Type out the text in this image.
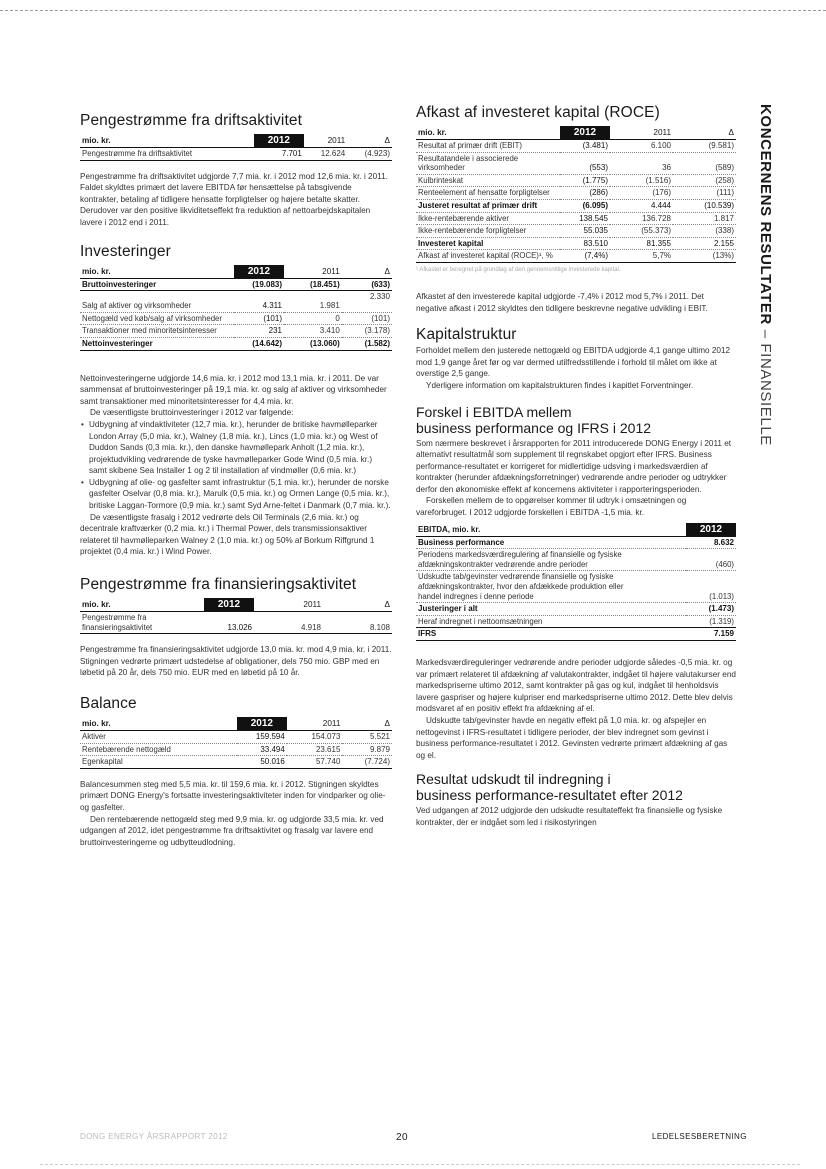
KONCERNENS RESULTATER – FINANSIELLE
Pengestrømme fra driftsaktivitet
mio. kr.	2012	2011	Δ
Pengestrømme fra driftsaktivitet	7.701	12.624	(4.923)

Pengestrømme fra driftsaktivitet udgjorde 7,7 mia. kr. i 2012 mod 12,6 mia. kr. i 2011. Faldet skyldtes primært det lavere EBITDA før hensættelse på tabsgivende kontrakter, betaling af tidligere hensatte forpligtelser og højere betalte skatter. Derudover var den positive likviditetseffekt fra reduktion af nettoarbejdskapitalen lavere i 2012 end i 2011.

Investeringer
mio. kr.	2012	2011	Δ
Bruttoinvesteringer	(19.083)	(18.451)	(633)
Salg af aktiver og virksomheder	4.311	1.981	2.330
Nettogæld ved køb/salg af virksomheder	(101)	0	(101)
Transaktioner med minoritetsinteresser	231	3.410	(3.178)
Nettoinvesteringer	(14.642)	(13.060)	(1.582)

Nettoinvesteringerne udgjorde 14,6 mia. kr. i 2012 mod 13,1 mia. kr. i 2011. De var sammensat af bruttoinvesteringer på 19,1 mia. kr. og salg af aktiver og virksomheder samt transaktioner med minoritetsinteresser for 4,4 mia. kr.

De væsentligste bruttoinvesteringer i 2012 var følgende:

• Udbygning af vindaktiviteter (12,7 mia. kr.), herunder de britiske havmølleparker London Array (5,0 mia. kr.), Walney (1,8 mia. kr.), Lincs (1,0 mia. kr.) og West of Duddon Sands (0,3 mia. kr.), den danske havmøllepark Anholt (1,2 mia. kr.), projektudvikling vedrørende de tyske havmølleparker Gode Wind (0,5 mia. kr.) samt skibene Sea Installer 1 og 2 til installation af vindmøller (0,6 mia. kr.)
• Udbygning af olie- og gasfelter samt infrastruktur (5,1 mia. kr.), herunder de norske gasfelter Oselvar (0,8 mia. kr.), Marulk (0,5 mia. kr.) og Ormen Lange (0,5 mia. kr.), britiske Laggan-Tormore (0,9 mia. kr.) samt Syd Arne-feltet i Danmark (0,7 mia. kr.).

De væsentligste frasalg i 2012 vedrørte dels Oil Terminals (2,6 mia. kr.) og decentrale kraftværker (0,2 mia. kr.) i Thermal Power, dels transmissionsaktiver relateret til havmølleparken Walney 2 (1,0 mia. kr.) og 50% af Borkum Riffgrund 1 projektet (0,4 mia. kr.) i Wind Power.

Pengestrømme fra finansieringsaktivitet
mio. kr.	2012	2011	Δ
Pengestrømme fra finansieringsaktivitet	13.026	4.918	8.108

Pengestrømme fra finansieringsaktivitet udgjorde 13,0 mia. kr. mod 4,9 mia. kr. i 2011. Stigningen vedrørte primært udstedelse af obligationer, dels 750 mio. GBP med en løbetid på 20 år, dels 750 mio. EUR med en løbetid på 10 år.

Balance
mio. kr.	2012	2011	Δ
Aktiver	159.594	154.073	5.521
Rentebærende nettogæld	33.494	23.615	9.879
Egenkapital	50.016	57.740	(7.724)

Balancesummen steg med 5,5 mia. kr. til 159,6 mia. kr. i 2012. Stigningen skyldtes primært DONG Energy's fortsatte investeringsaktiviteter inden for vindparker og olie- og gasfelter.

Den rentebærende nettogæld steg med 9,9 mia. kr. og udgjorde 33,5 mia. kr. ved udgangen af 2012, idet pengestrømme fra driftsaktivitet og frasalg var lavere end bruttoinvesteringerne og udbytteudlodning.

Afkast af investeret kapital (ROCE)
mio. kr.	2012	2011	Δ
Resultat af primær drift (EBIT)	(3.481)	6.100	(9.581)
Resultatandele i associerede virksomheder	(553)	36	(589)
Kulbrinteskat	(1.775)	(1.516)	(258)
Renteelement af hensatte forpligtelser	(286)	(176)	(111)
Justeret resultat af primær drift	(6.095)	4.444	(10.539)
Ikke-rentebærende aktiver	138.545	136.728	1.817
Ikke-rentebærende forpligtelser	55.035	(55.373)	(338)
Investeret kapital	83.510	81.355	2.155
Afkast af investeret kapital (ROCE)¹, %	(7,4%)	5,7%	(13%)
¹ Afkastet er beregnet på grundlag af den gennemsnitlige investerede kapital.

Afkastet af den investerede kapital udgjorde -7,4% i 2012 mod 5,7% i 2011. Det negative afkast i 2012 skyldtes den tidligere beskrevne negative udvikling i EBIT.

Kapitalstruktur

Forholdet mellem den justerede nettogæld og EBITDA udgjorde 4,1 gange ultimo 2012 mod 1,9 gange året før og var dermed utilfredsstillende i forhold til målet om ikke at overstige 2,5 gange.

Yderligere information om kapitalstrukturen findes i kapitlet Forventninger.

Forskel i EBITDA mellem
business performance og IFRS i 2012

Som nærmere beskrevet i årsrapporten for 2011 introducerede DONG Energy i 2011 et alternativt resultatmål som supplement til regnskabet opgjort efter IFRS. Business performance-resultatet er korrigeret for midlertidige udsving i markedsværdien af kontrakter (herunder afdækningsforretninger) vedrørende andre perioder og udtrykker derfor den økonomiske effekt af koncernens aktiviteter i rapporteringsperioden.

Forskellen mellem de to opgørelser kommer til udtryk i omsætningen og vareforbruget. I 2012 udgjorde forskellen i EBITDA -1,5 mia. kr.

EBITDA, mio. kr.	2012
Business performance	8.632
Periodens markedsværdiregulering af finansielle og fysiske afdækningskontrakter vedrørende andre perioder	(460)
Udskudte tab/gevinster vedrørende finansielle og fysiske afdækningskontrakter, hvor den afdækkede produktion eller handel indregnes i denne periode	(1.013)
Justeringer i alt	(1.473)
Heraf indregnet i nettoomsætningen	(1.319)
IFRS	7.159

Markedsværdireguleringer vedrørende andre perioder udgjorde således -0,5 mia. kr. og var primært relateret til afdækning af valutakontrakter, indgået til højere valutakurser end markedspriserne ultimo 2012, samt kontrakter på gas og kul, indgået til henholdsvis lavere gaspriser og højere kulpriser end markedspriserne ultimo 2012. Dette blev delvis modsvaret af en positiv effekt fra afdækning af el.

Udskudte tab/gevinster havde en negativ effekt på 1,0 mia. kr. og afspejler en nettogevinst i IFRS-resultatet i tidligere perioder, der blev indregnet som gevinst i business performance-resultatet i 2012. Gevinsten vedrørte primært afdækning af gas og el.

Resultat udskudt til indregning i
business performance-resultatet efter 2012

Ved udgangen af 2012 udgjorde den udskudte resultateffekt fra finansielle og fysiske kontrakter, der er indgået som led i risikostyringen

DONG ENERGY ÅRSRAPPORT 2012	20	LEDELSESBERETNING
